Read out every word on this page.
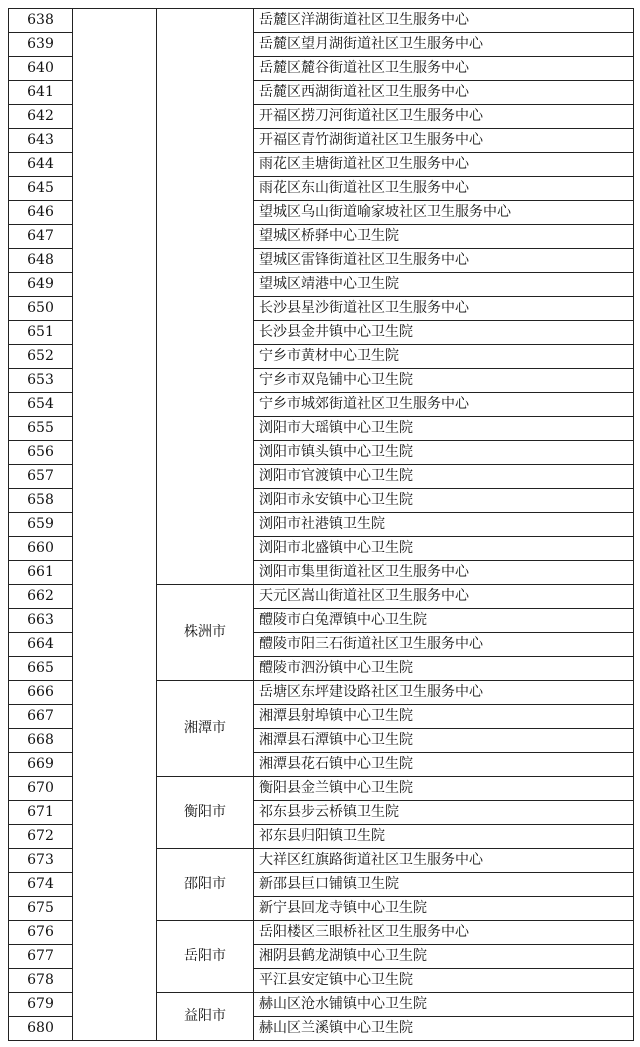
638			岳麓区洋湖街道社区卫生服务中心
639			岳麓区望月湖街道社区卫生服务中心
640			岳麓区麓谷街道社区卫生服务中心
641			岳麓区西湖街道社区卫生服务中心
642			开福区捞刀河街道社区卫生服务中心
643			开福区青竹湖街道社区卫生服务中心
644			雨花区圭塘街道社区卫生服务中心
645			雨花区东山街道社区卫生服务中心
646			望城区乌山街道喻家坡社区卫生服务中心
647			望城区桥驿中心卫生院
648			望城区雷锋街道社区卫生服务中心
649			望城区靖港中心卫生院
650			长沙县星沙街道社区卫生服务中心
651			长沙县金井镇中心卫生院
652			宁乡市黄材中心卫生院
653			宁乡市双凫铺中心卫生院
654			宁乡市城郊街道社区卫生服务中心
655			浏阳市大瑶镇中心卫生院
656			浏阳市镇头镇中心卫生院
657			浏阳市官渡镇中心卫生院
658			浏阳市永安镇中心卫生院
659			浏阳市社港镇卫生院
660			浏阳市北盛镇中心卫生院
661			浏阳市集里街道社区卫生服务中心
662		株洲市	天元区嵩山街道社区卫生服务中心
663			醴陵市白兔潭镇中心卫生院
664			醴陵市阳三石街道社区卫生服务中心
665			醴陵市泗汾镇中心卫生院
666		湘潭市	岳塘区东坪建设路社区卫生服务中心
667			湘潭县射埠镇中心卫生院
668			湘潭县石潭镇中心卫生院
669			湘潭县花石镇中心卫生院
670		衡阳市	衡阳县金兰镇中心卫生院
671			祁东县步云桥镇卫生院
672			祁东县归阳镇卫生院
673		邵阳市	大祥区红旗路街道社区卫生服务中心
674			新邵县巨口铺镇卫生院
675			新宁县回龙寺镇中心卫生院
676		岳阳市	岳阳楼区三眼桥社区卫生服务中心
677			湘阴县鹤龙湖镇中心卫生院
678			平江县安定镇中心卫生院
679		益阳市	赫山区沧水铺镇中心卫生院
680			赫山区兰溪镇中心卫生院
